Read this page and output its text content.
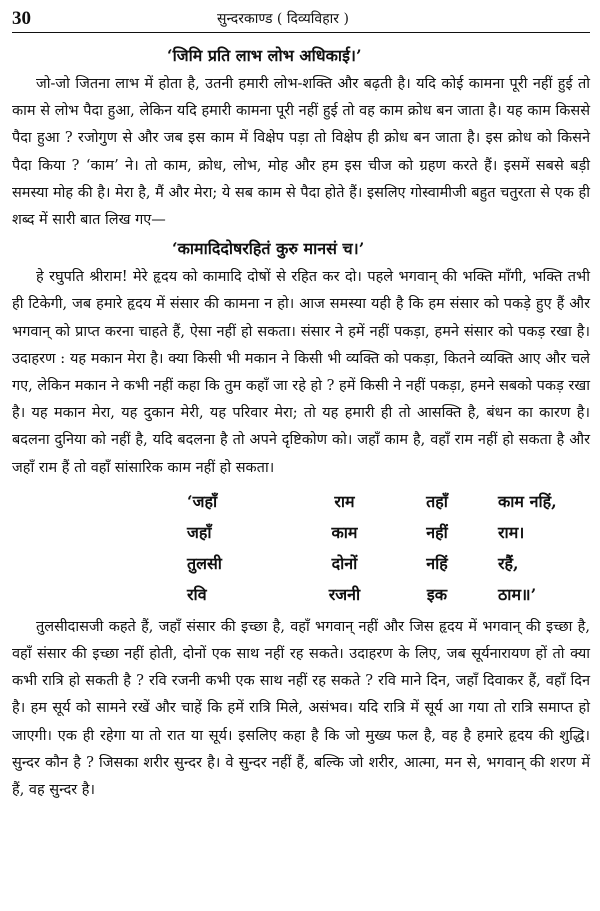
30	सुन्दरकाण्ड ( दिव्यविहार )
‘जिमि प्रति लाभ लोभ अधिकाई।’

जो-जो जितना लाभ में होता है, उतनी हमारी लोभ-शक्ति और बढ़ती है। यदि कोई कामना पूरी नहीं हुई तो काम से लोभ पैदा हुआ, लेकिन यदि हमारी कामना पूरी नहीं हुई तो वह काम क्रोध बन जाता है। यह काम किससे पैदा हुआ ? रजोगुण से और जब इस काम में विक्षेप पड़ा तो विक्षेप ही क्रोध बन जाता है। इस क्रोध को किसने पैदा किया ? ‘काम’ ने। तो काम, क्रोध, लोभ, मोह और हम इस चीज को ग्रहण करते हैं। इसमें सबसे बड़ी समस्या मोह की है। मेरा है, मैं और मेरा; ये सब काम से पैदा होते हैं। इसलिए गोस्वामीजी बहुत चतुरता से एक ही शब्द में सारी बात लिख गए—

‘कामादिदोषरहितं कुरु मानसं च।’

हे रघुपति श्रीराम! मेरे हृदय को कामादि दोषों से रहित कर दो। पहले भगवान् की भक्ति माँगी, भक्ति तभी ही टिकेगी, जब हमारे हृदय में संसार की कामना न हो। आज समस्या यही है कि हम संसार को पकड़े हुए हैं और भगवान् को प्राप्त करना चाहते हैं, ऐसा नहीं हो सकता। संसार ने हमें नहीं पकड़ा, हमने संसार को पकड़ रखा है। उदाहरण : यह मकान मेरा है। क्या किसी भी मकान ने किसी भी व्यक्ति को पकड़ा, कितने व्यक्ति आए और चले गए, लेकिन मकान ने कभी नहीं कहा कि तुम कहाँ जा रहे हो ? हमें किसी ने नहीं पकड़ा, हमने सबको पकड़ रखा है। यह मकान मेरा, यह दुकान मेरी, यह परिवार मेरा; तो यह हमारी ही तो आसक्ति है, बंधन का कारण है। बदलना दुनिया को नहीं है, यदि बदलना है तो अपने दृष्टिकोण को। जहाँ काम है, वहाँ राम नहीं हो सकता है और जहाँ राम हैं तो वहाँ सांसारिक काम नहीं हो सकता।

‘जहाँ	राम	तहाँ	काम नहिं,
जहाँ	काम	नहीं	राम।
तुलसी	दोनों	नहिं	रहैं,
रवि	रजनी	इक	ठाम॥’

तुलसीदासजी कहते हैं, जहाँ संसार की इच्छा है, वहाँ भगवान् नहीं और जिस हृदय में भगवान् की इच्छा है, वहाँ संसार की इच्छा नहीं होती, दोनों एक साथ नहीं रह सकते। उदाहरण के लिए, जब सूर्यनारायण हों तो क्या कभी रात्रि हो सकती है ? रवि रजनी कभी एक साथ नहीं रह सकते ? रवि माने दिन, जहाँ दिवाकर हैं, वहाँ दिन है। हम सूर्य को सामने रखें और चाहें कि हमें रात्रि मिले, असंभव। यदि रात्रि में सूर्य आ गया तो रात्रि समाप्त हो जाएगी। एक ही रहेगा या तो रात या सूर्य। इसलिए कहा है कि जो मुख्य फल है, वह है हमारे हृदय की शुद्धि। सुन्दर कौन है ? जिसका शरीर सुन्दर है। वे सुन्दर नहीं हैं, बल्कि जो शरीर, आत्मा, मन से, भगवान् की शरण में हैं, वह सुन्दर है।
